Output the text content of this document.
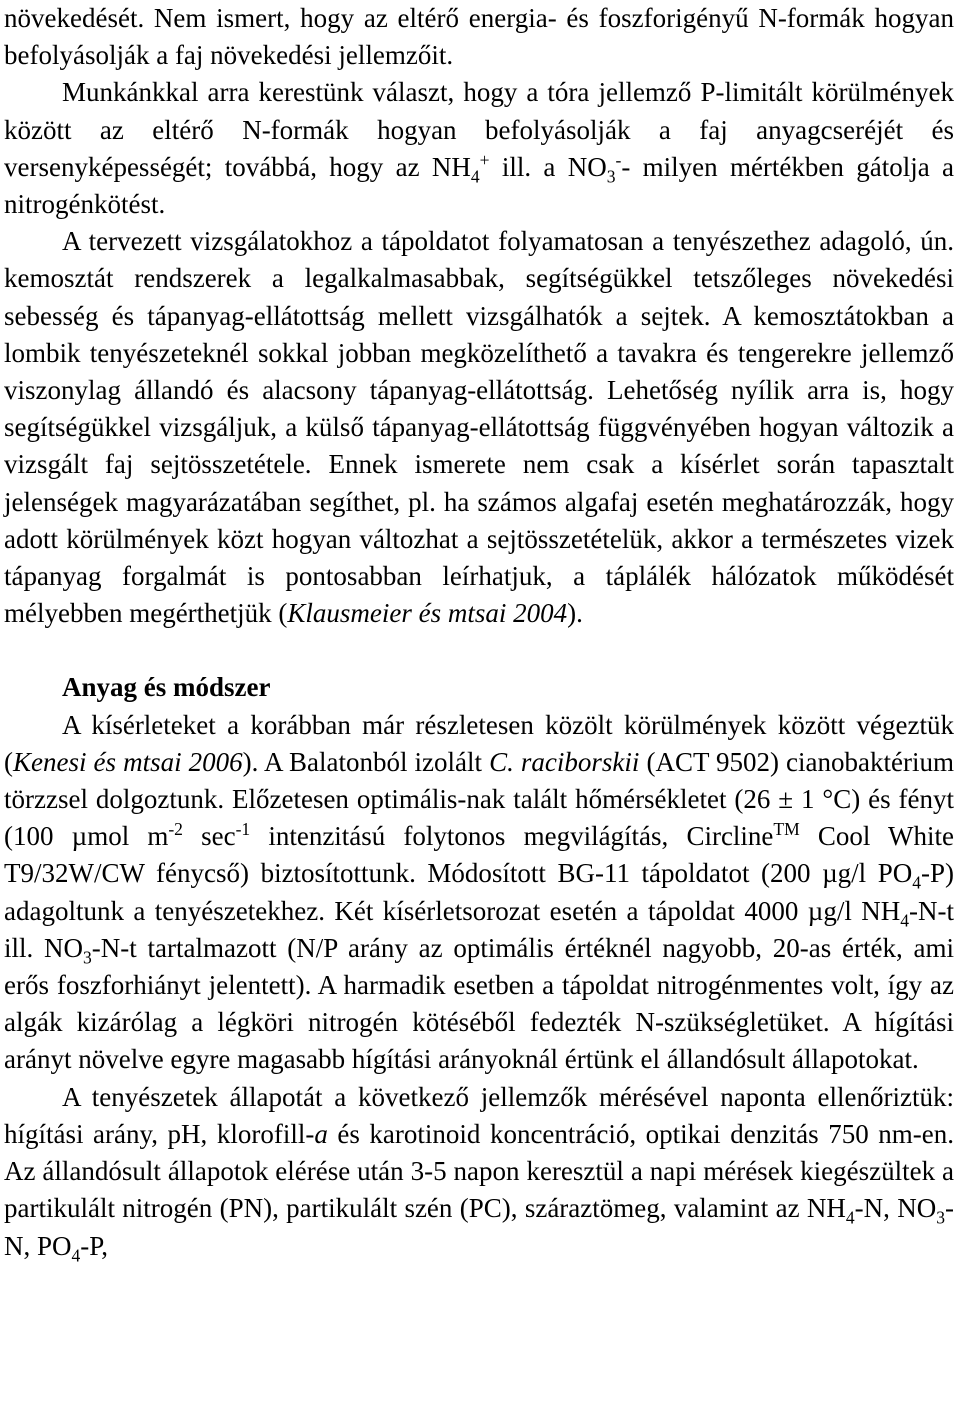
növekedését. Nem ismert, hogy az eltérő energia- és foszforigényű N-formák hogyan befolyásolják a faj növekedési jellemzőit.

Munkánkkal arra kerestünk választ, hogy a tóra jellemző P-limitált körülmények között az eltérő N-formák hogyan befolyásolják a faj anyagcseréjét és versenyképességét; továbbá, hogy az $NH_4^+$ ill. a $NO_3^--$ milyen mértékben gátolja a nitrogénkötést.

A tervezett vizsgálatokhoz a tápoldatot folyamatosan a tenyészethez adagoló, ún. kemosztát rendszerek a legalkalmasabbak, segítségükkel tetszőleges növekedési sebesség és tápanyag-ellátottság mellett vizsgálhatók a sejtek. A kemosztátokban a lombik tenyészeteknél sokkal jobban megközelíthető a tavakra és tengerekre jellemző viszonylag állandó és alacsony tápanyag-ellátottság. Lehetőség nyílik arra is, hogy segítségükkel vizsgáljuk, a külső tápanyag-ellátottság függvényében hogyan változik a vizsgált faj sejtösszetétele. Ennek ismerete nem csak a kísérlet során tapasztalt jelenségek magyarázatában segíthet, pl. ha számos algafaj esetén meghatározzák, hogy adott körülmények közt hogyan változhat a sejtösszetételük, akkor a természetes vizek tápanyag forgalmát is pontosabban leírhatjuk, a táplálék hálózatok működését mélyebben megérthetjük (Klausmeier és mtsai 2004).

Anyag és módszer

A kísérleteket a korábban már részletesen közölt körülmények között végeztük (Kenesi és mtsai 2006). A Balatonból izolált C. raciborskii (ACT 9502) cianobaktérium törzzsel dolgoztunk. Előzetesen optimális-nak talált hőmérsékletet (26 ± 1 °C) és fényt (100 µmol $m^{-2}$ $\sec^{-1}$ intenzitású folytonos megvilágítás, Circline™ Cool White T9/32W/CW fénycső) biztosítottunk. Módosított BG-11 tápoldatot (200 µg/l $PO_4-P$) adagoltunk a tenyészetekhez. Két kísérletsorozat esetén a tápoldat 4000 µg/l $NH_4-N-t$ ill. $NO_3-N-t$ tartalmazott (N/P arány az optimális értéknél nagyobb, 20-as érték, ami erős foszforhiányt jelentett). A harmadik esetben a tápoldat nitrogénmentes volt, így az algák kizárólag a légköri nitrogén kötéséből fedezték N-szükségletüket. A hígítási arányt növelve egyre magasabb hígítási arányoknál értünk el állandósult állapotokat.

A tenyészetek állapotát a következő jellemzők mérésével naponta ellenőriztük: hígítási arány, pH, klorofill-a és karotinoid koncentráció, optikai denzitás 750 nm-en. Az állandósult állapotok elérése után 3-5 napon keresztül a napi mérések kiegészültek a partikulált nitrogén (PN), partikulált szén (PC), száraztömeg, valamint az $NH_4-N$, $NO_3-N$, $PO_4-P$,
